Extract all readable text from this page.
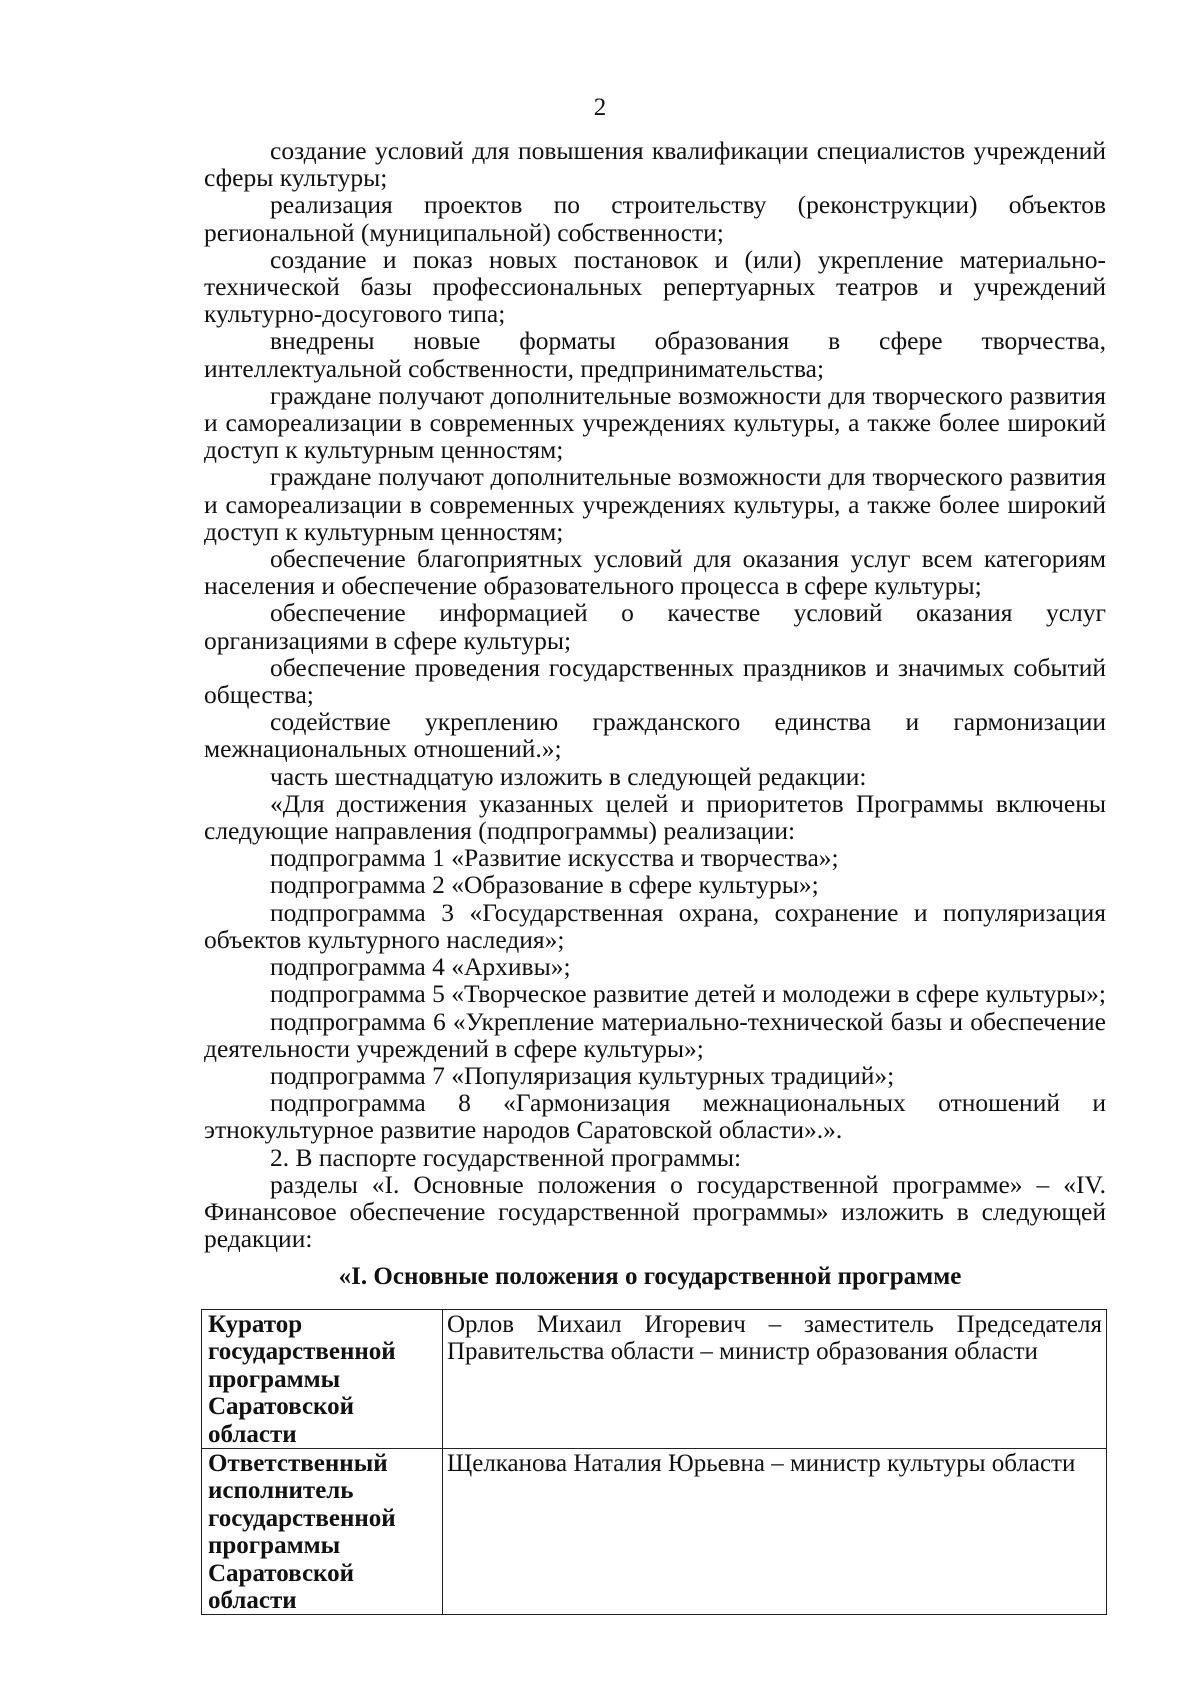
2

создание условий для повышения квалификации специалистов учреждений сферы культуры;

реализация проектов по строительству (реконструкции) объектов региональной (муниципальной) собственности;

создание и показ новых постановок и (или) укрепление материально-технической базы профессиональных репертуарных театров и учреждений культурно-досугового типа;

внедрены новые форматы образования в сфере творчества, интеллектуальной собственности, предпринимательства;

граждане получают дополнительные возможности для творческого развития и самореализации в современных учреждениях культуры, а также более широкий доступ к культурным ценностям;

граждане получают дополнительные возможности для творческого развития и самореализации в современных учреждениях культуры, а также более широкий доступ к культурным ценностям;

обеспечение благоприятных условий для оказания услуг всем категориям населения и обеспечение образовательного процесса в сфере культуры;

обеспечение информацией о качестве условий оказания услуг организациями в сфере культуры;

обеспечение проведения государственных праздников и значимых событий общества;

содействие укреплению гражданского единства и гармонизации межнациональных отношений.»;

часть шестнадцатую изложить в следующей редакции:

«Для достижения указанных целей и приоритетов Программы включены следующие направления (подпрограммы) реализации:

подпрограмма 1 «Развитие искусства и творчества»;

подпрограмма 2 «Образование в сфере культуры»;

подпрограмма 3 «Государственная охрана, сохранение и популяризация объектов культурного наследия»;

подпрограмма 4 «Архивы»;

подпрограмма 5 «Творческое развитие детей и молодежи в сфере культуры»;

подпрограмма 6 «Укрепление материально-технической базы и обеспечение деятельности учреждений в сфере культуры»;

подпрограмма 7 «Популяризация культурных традиций»;

подпрограмма 8 «Гармонизация межнациональных отношений и этнокультурное развитие народов Саратовской области».».

2. В паспорте государственной программы:

разделы «I. Основные положения о государственной программе» – «IV. Финансовое обеспечение государственной программы» изложить в следующей редакции:

«I. Основные положения о государственной программе
Куратор государственной программы Саратовской области	Орлов Михаил Игоревич – заместитель Председателя Правительства области – министр образования области
Ответственный исполнитель государственной программы Саратовской области	Щелканова Наталия Юрьевна – министр культуры области
